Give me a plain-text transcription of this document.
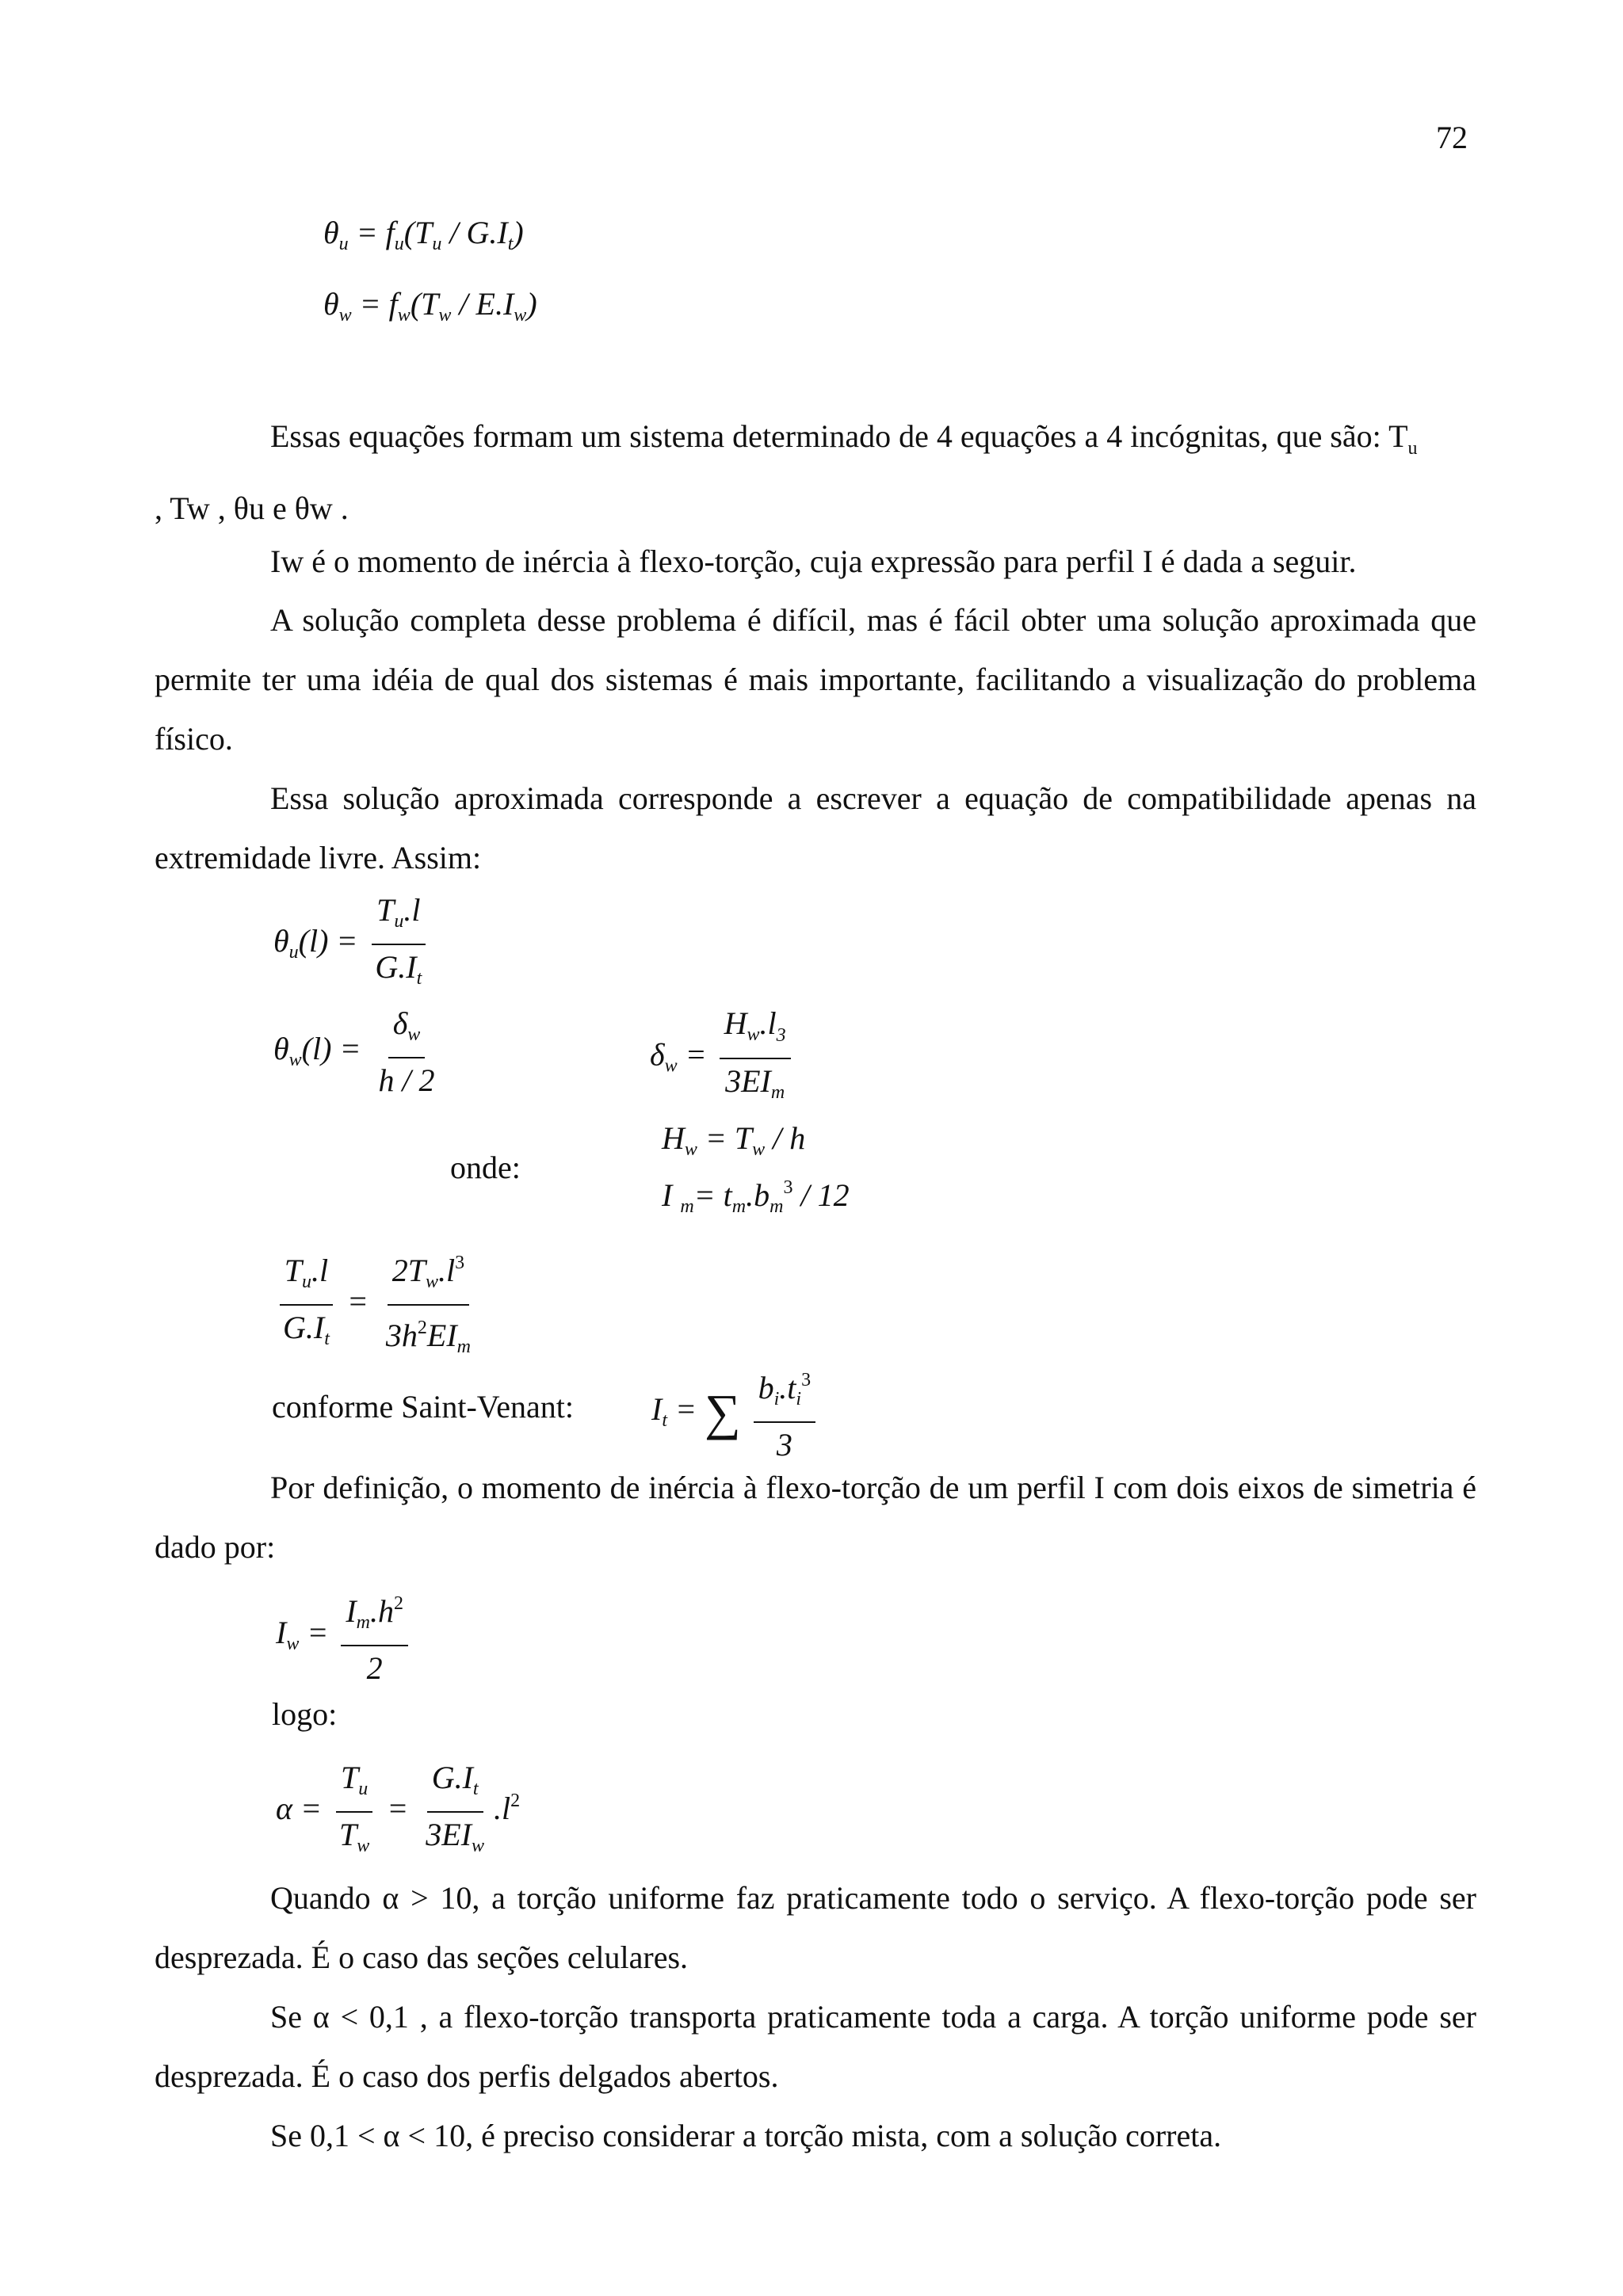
72
$\theta_u = f_u(T_u / G.I_t)$
$\theta_w = f_w(T_w / E.I_w)$
Essas equações formam um sistema determinado de 4 equações a 4 incógnitas, que são: $T_u$
, Tw , θu e θw .
Iw é o momento de inércia à flexo-torção, cuja expressão para perfil I é dada a seguir.
A solução completa desse problema é difícil, mas é fácil obter uma solução aproximada que permite ter uma idéia de qual dos sistemas é mais importante, facilitando a visualização do problema físico.
Essa solução aproximada corresponde a escrever a equação de compatibilidade apenas na extremidade livre. Assim:
$\theta_u(l) = \frac{T_u.l}{G.I_t}$
$\theta_w(l) = \frac{\delta_w}{h / 2}$	$\delta_w = \frac{H_w.l_3}{3EI_m}$
onde:
$H_w = T_w / h$
I $_m= t_m.b_m^3 / 12$
$\frac{T_u.l}{G.I_t} = \frac{2T_w.l^3}{3h^2EI_m}$
conforme Saint-Venant: $I_t$ = ∑ $\frac{b_i.t_i^3}{3}$
Por definição, o momento de inércia à flexo-torção de um perfil I com dois eixos de simetria é dado por:
$I_w = \frac{I_m.h^2}{2}$
logo:
$\alpha = \frac{T_u}{T_w} = \frac{G.I_t}{3EI_w} .l^2$
Quando α > 10, a torção uniforme faz praticamente todo o serviço. A flexo-torção pode ser desprezada. É o caso das seções celulares.
Se α < 0,1 , a flexo-torção transporta praticamente toda a carga. A torção uniforme pode ser desprezada. É o caso dos perfis delgados abertos.
Se 0,1 < α < 10, é preciso considerar a torção mista, com a solução correta.
